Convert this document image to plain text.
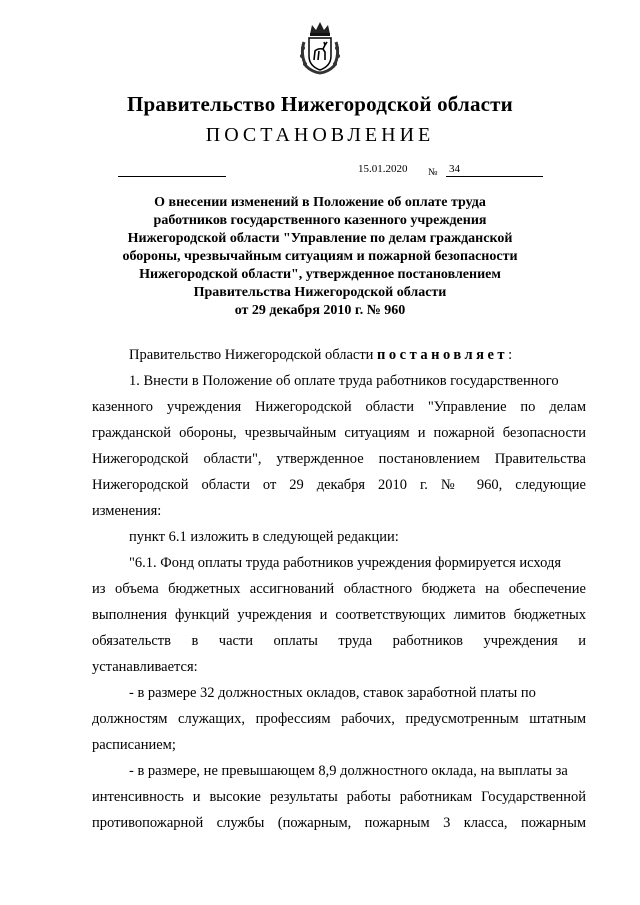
Правительство Нижегородской области
ПОСТАНОВЛЕНИЕ
15.01.2020 № 34
О внесении изменений в Положение об оплате труда
работников государственного казенного учреждения
Нижегородской области "Управление по делам гражданской
обороны, чрезвычайным ситуациям и пожарной безопасности
Нижегородской области", утвержденное постановлением
Правительства Нижегородской области
от 29 декабря 2010 г. № 960
Правительство Нижегородской области постановляет:
1. Внести в Положение об оплате труда работников государственного
казенного учреждения Нижегородской области "Управление по делам
гражданской обороны, чрезвычайным ситуациям и пожарной безопасности
Нижегородской области", утвержденное постановлением Правительства
Нижегородской области от 29 декабря 2010 г. № 960, следующие
изменения:
пункт 6.1 изложить в следующей редакции:
"6.1. Фонд оплаты труда работников учреждения формируется исходя
из объема бюджетных ассигнований областного бюджета на обеспечение
выполнения функций учреждения и соответствующих лимитов бюджетных
обязательств в части оплаты труда работников учреждения и
устанавливается:
- в размере 32 должностных окладов, ставок заработной платы по
должностям служащих, профессиям рабочих, предусмотренным штатным
расписанием;
- в размере, не превышающем 8,9 должностного оклада, на выплаты за
интенсивность и высокие результаты работы работникам Государственной
противопожарной службы (пожарным, пожарным 3 класса, пожарным
